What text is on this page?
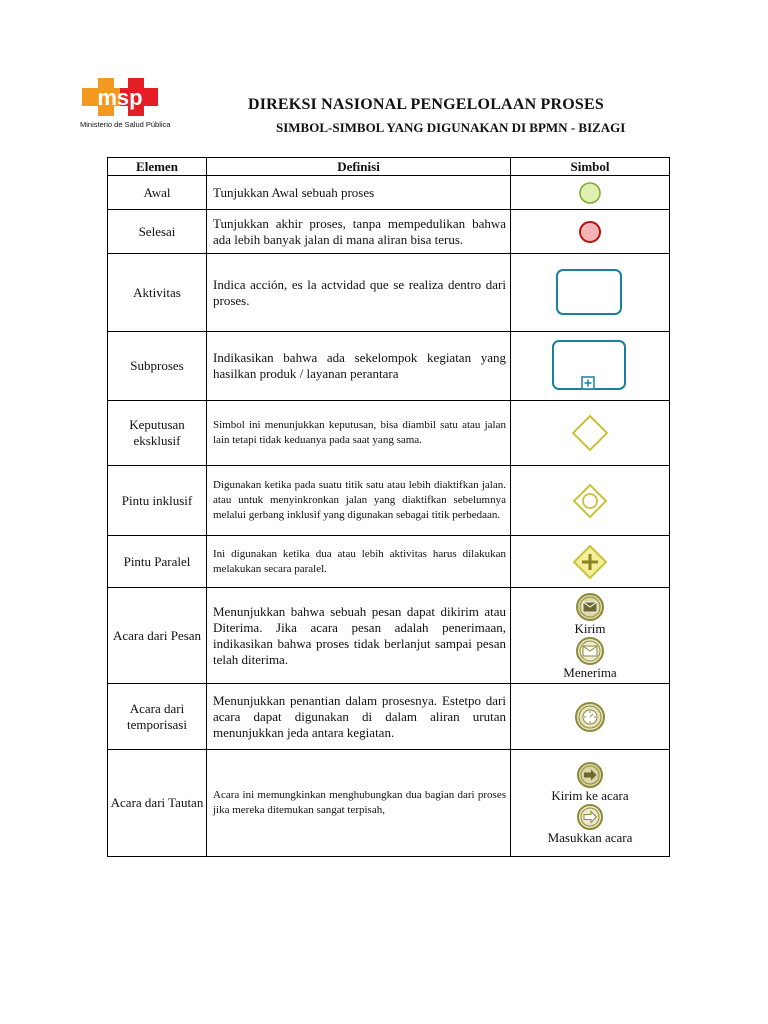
msp
Ministerio de Salud Pública
DIREKSI NASIONAL PENGELOLAAN PROSES
SIMBOL-SIMBOL YANG DIGUNAKAN DI BPMN - BIZAGI
Elemen	Definisi	Simbol
Awal	Tunjukkan Awal sebuah proses	

Selesai	Tunjukkan akhir proses, tanpa mempedulikan bahwa ada lebih banyak jalan di mana aliran bisa terus.	

Aktivitas	Indica acción, es la actvidad que se realiza dentro dari proses.	

Subproses	Indikasikan bahwa ada sekelompok kegiatan yang hasilkan produk / layanan perantara	

Keputusan eksklusif	Simbol ini menunjukkan keputusan, bisa diambil satu atau jalan lain tetapi tidak keduanya pada saat yang sama.	

Pintu inklusif	Digunakan ketika pada suatu titik satu atau lebih diaktifkan jalan. atau untuk menyinkronkan jalan yang diaktifkan sebelumnya melalui gerbang inklusif yang digunakan sebagai titik perbedaan.	

Pintu Paralel	Ini digunakan ketika dua atau lebih aktivitas harus dilakukan melakukan secara paralel.	

Acara dari Pesan	Menunjukkan bahwa sebuah pesan dapat dikirim atau Diterima. Jika acara pesan adalah penerimaan, indikasikan bahwa proses tidak berlanjut sampai pesan telah diterima.	Kirim
Menerima

Acara dari temporisasi	Menunjukkan penantian dalam prosesnya. Estetpo dari acara dapat digunakan di dalam aliran urutan menunjukkan jeda antara kegiatan.	

Acara dari Tautan	Acara ini memungkinkan menghubungkan dua bagian dari proses jika mereka ditemukan sangat terpisah,	Kirim ke acara
Masukkan acara
